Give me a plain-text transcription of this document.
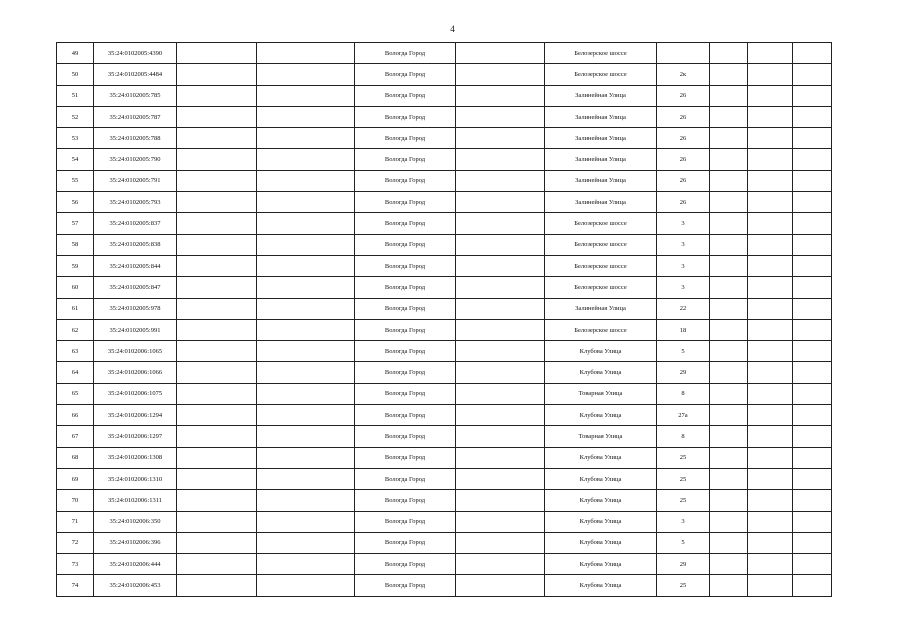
4
49	35:24:0102005:4390			Вологда Город		Белозерское шоссе				
50	35:24:0102005:4484			Вологда Город		Белозерское шоссе	2к			
51	35:24:0102005:785			Вологда Город		Залинейная Улица	26			
52	35:24:0102005:787			Вологда Город		Залинейная Улица	26			
53	35:24:0102005:788			Вологда Город		Залинейная Улица	26			
54	35:24:0102005:790			Вологда Город		Залинейная Улица	26			
55	35:24:0102005:791			Вологда Город		Залинейная Улица	26			
56	35:24:0102005:793			Вологда Город		Залинейная Улица	26			
57	35:24:0102005:837			Вологда Город		Белозерское шоссе	3			
58	35:24:0102005:838			Вологда Город		Белозерское шоссе	3			
59	35:24:0102005:844			Вологда Город		Белозерское шоссе	3			
60	35:24:0102005:847			Вологда Город		Белозерское шоссе	3			
61	35:24:0102005:978			Вологда Город		Залинейная Улица	22			
62	35:24:0102005:991			Вологда Город		Белозерское шоссе	18			
63	35:24:0102006:1065			Вологда Город		Клубова Улица	5			
64	35:24:0102006:1066			Вологда Город		Клубова Улица	29			
65	35:24:0102006:1075			Вологда Город		Товарная Улица	8			
66	35:24:0102006:1294			Вологда Город		Клубова Улица	27а			
67	35:24:0102006:1297			Вологда Город		Товарная Улица	8			
68	35:24:0102006:1308			Вологда Город		Клубова Улица	25			
69	35:24:0102006:1310			Вологда Город		Клубова Улица	25			
70	35:24:0102006:1311			Вологда Город		Клубова Улица	25			
71	35:24:0102006:350			Вологда Город		Клубова Улица	3			
72	35:24:0102006:396			Вологда Город		Клубова Улица	5			
73	35:24:0102006:444			Вологда Город		Клубова Улица	29			
74	35:24:0102006:453			Вологда Город		Клубова Улица	25			
